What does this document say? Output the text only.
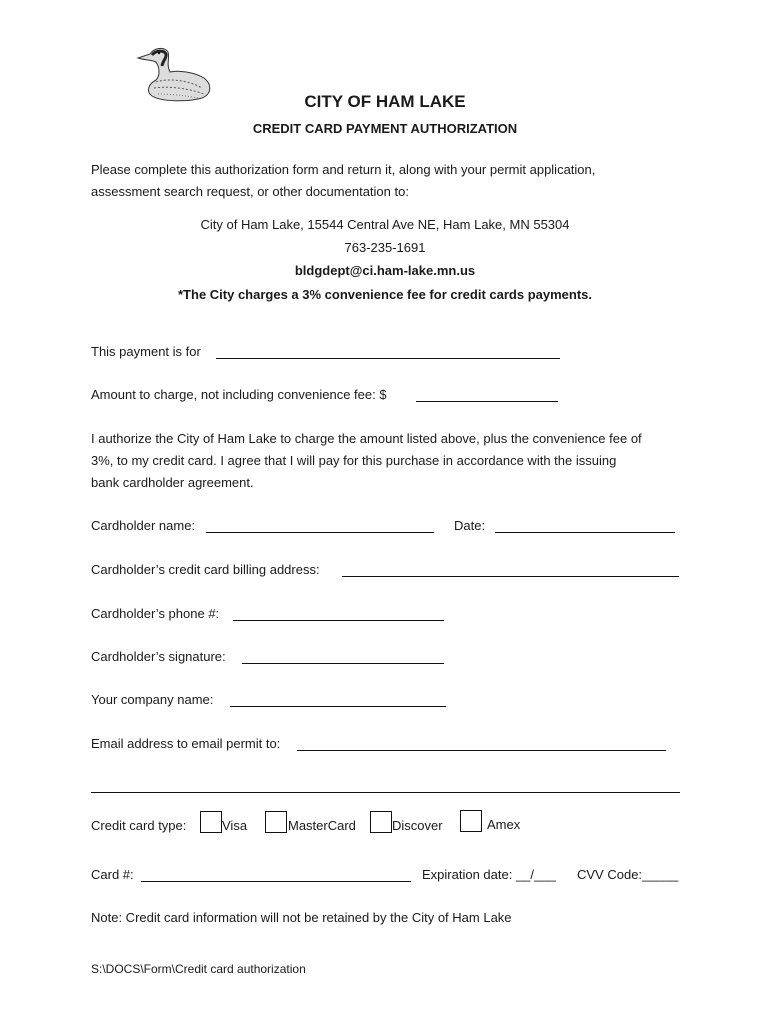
CITY OF HAM LAKE
CREDIT CARD PAYMENT AUTHORIZATION
Please complete this authorization form and return it, along with your permit application,
assessment search request, or other documentation to:
City of Ham Lake, 15544 Central Ave NE, Ham Lake, MN 55304
763-235-1691
bldgdept@ci.ham-lake.mn.us
*The City charges a 3% convenience fee for credit cards payments.
This payment is for
Amount to charge, not including convenience fee: $
I authorize the City of Ham Lake to charge the amount listed above, plus the convenience fee of
3%, to my credit card. I agree that I will pay for this purchase in accordance with the issuing
bank cardholder agreement.
Cardholder name:	Date:
Cardholder’s credit card billing address:
Cardholder’s phone #:
Cardholder’s signature:
Your company name:
Email address to email permit to:
Credit card type:	Visa	MasterCard	Discover	Amex
Card #:	Expiration date: __/___ CVV Code:_____
Note: Credit card information will not be retained by the City of Ham Lake
S:\DOCS\Form\Credit card authorization
